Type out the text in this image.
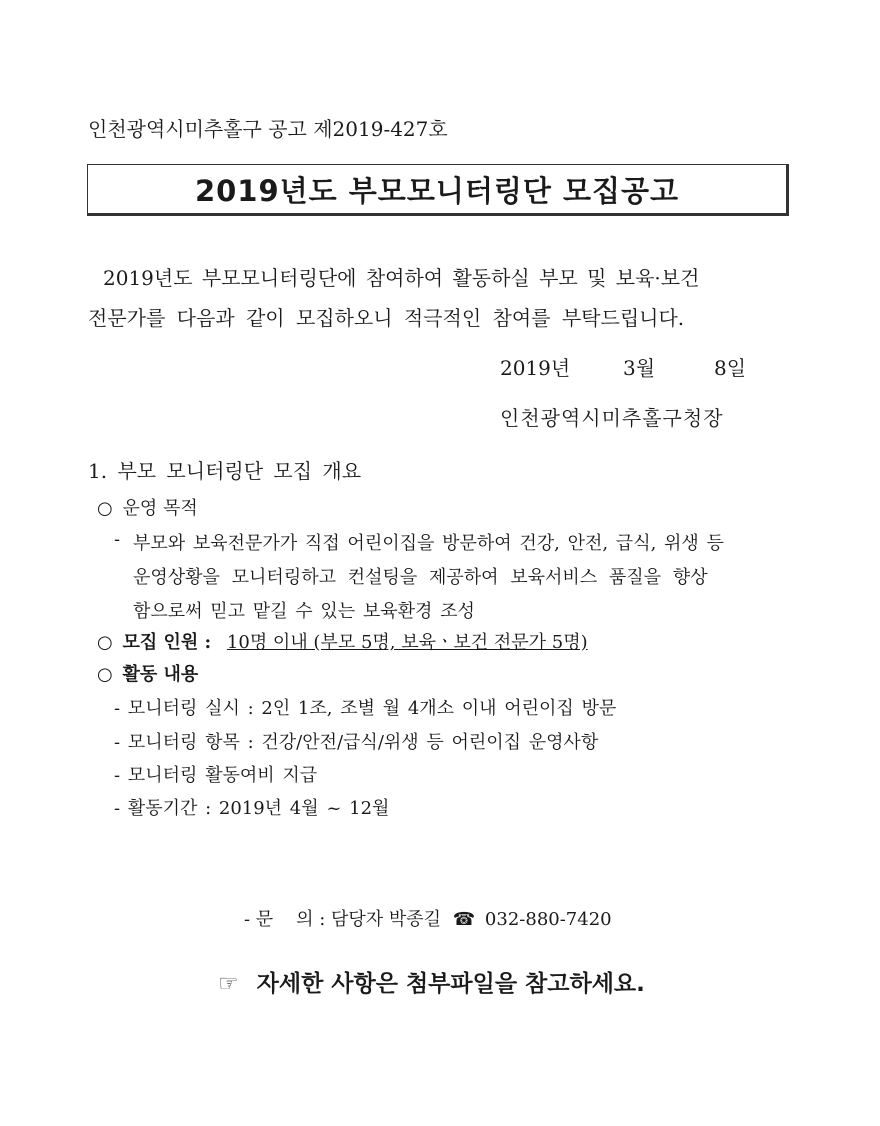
인천광역시미추홀구 공고 제2019-427호
2019년도 부모모니터링단 모집공고
2019년도 부모모니터링단에 참여하여 활동하실 부모 및 보육·보건
전문가를 다음과 같이 모집하오니 적극적인 참여를 부탁드립니다.
2019년	3월	8일
인천광역시미추홀구청장
1. 부모 모니터링단 모집 개요
○ 운영 목적
- 부모와 보육전문가가 직접 어린이집을 방문하여 건강, 안전, 급식, 위생 등
운영상황을 모니터링하고 컨설팅을 제공하여 보육서비스 품질을 향상
함으로써 믿고 맡길 수 있는 보육환경 조성
○ 모집 인원 : 10명 이내 (부모 5명, 보육ㆍ보건 전문가 5명)
○ 활동 내용
- 모니터링 실시 : 2인 1조, 조별 월 4개소 이내 어린이집 방문
- 모니터링 항목 : 건강/안전/급식/위생 등 어린이집 운영사항
- 모니터링 활동여비 지급
- 활동기간 : 2019년 4월 ~ 12월
- 문    의 : 담당자 박종길 ☎ 032-880-7420
☞ 자세한 사항은 첨부파일을 참고하세요.
